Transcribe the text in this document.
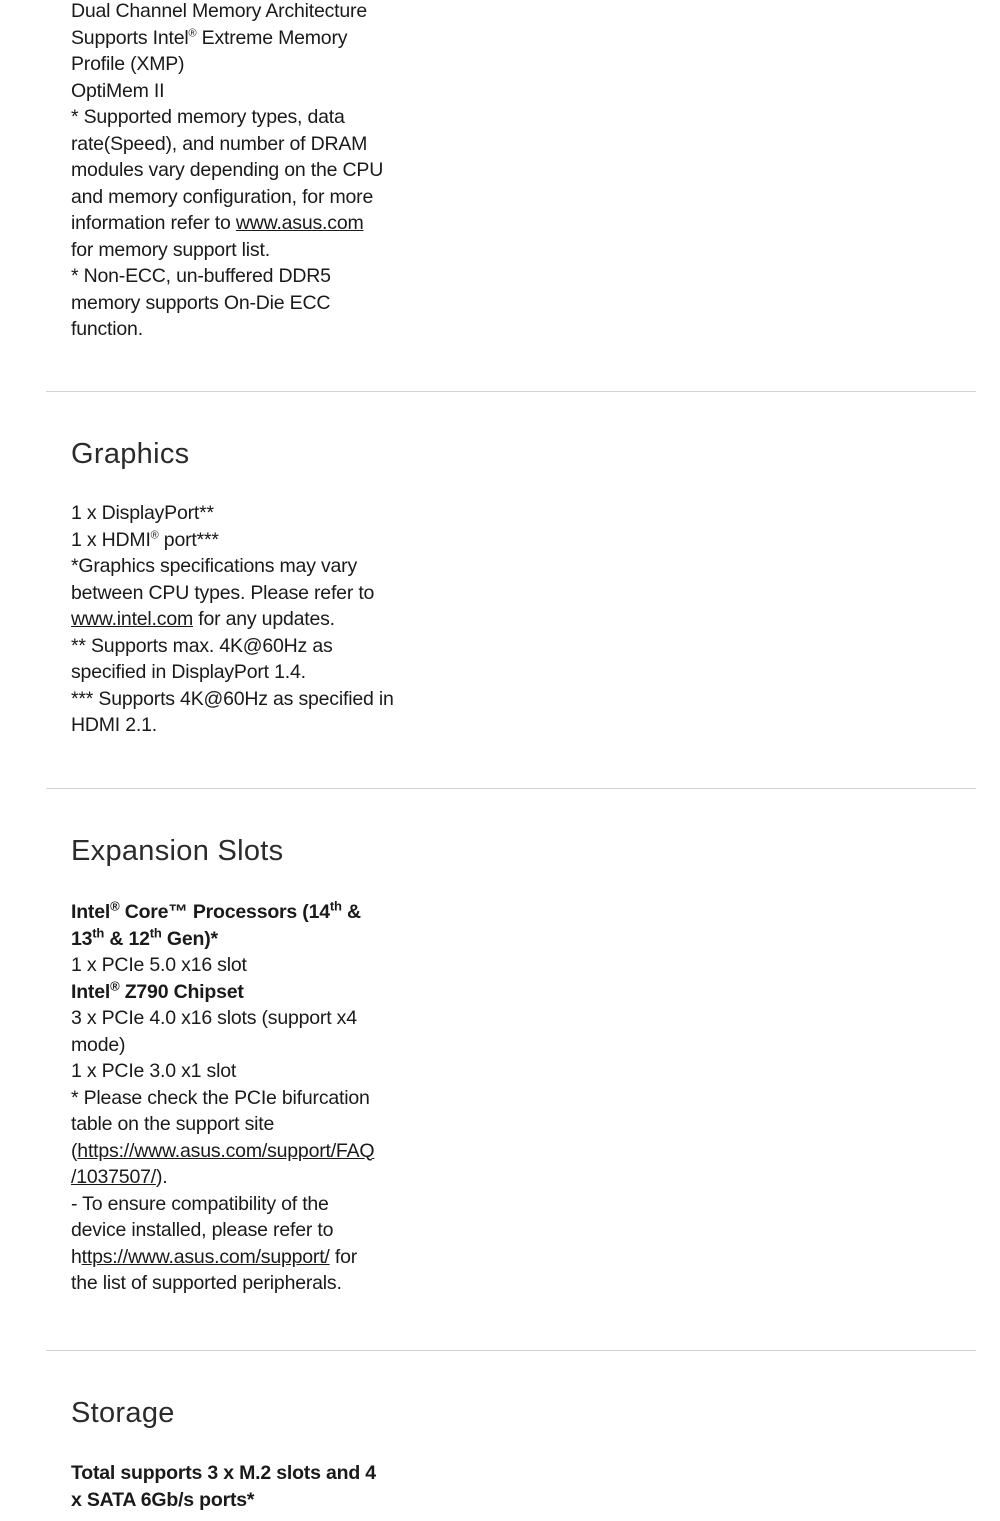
Dual Channel Memory Architecture
Supports Intel® Extreme Memory
Profile (XMP)
OptiMem II
* Supported memory types, data
rate(Speed), and number of DRAM
modules vary depending on the CPU
and memory configuration, for more
information refer to www.asus.com
for memory support list.
* Non-ECC, un-buffered DDR5
memory supports On-Die ECC
function.
Graphics
1 x DisplayPort**
1 x HDMI® port***
*Graphics specifications may vary
between CPU types. Please refer to
www.intel.com for any updates.
** Supports max. 4K@60Hz as
specified in DisplayPort 1.4.
*** Supports 4K@60Hz as specified in
HDMI 2.1.
Expansion Slots
Intel® Core™ Processors (14th &
13th & 12th Gen)*
1 x PCIe 5.0 x16 slot
Intel® Z790 Chipset
3 x PCIe 4.0 x16 slots (support x4
mode)
1 x PCIe 3.0 x1 slot
* Please check the PCIe bifurcation
table on the support site
(https://www.asus.com/support/FAQ
/1037507/).
- To ensure compatibility of the
device installed, please refer to
https://www.asus.com/support/ for
the list of supported peripherals.
Storage
Total supports 3 x M.2 slots and 4
x SATA 6Gb/s ports*
